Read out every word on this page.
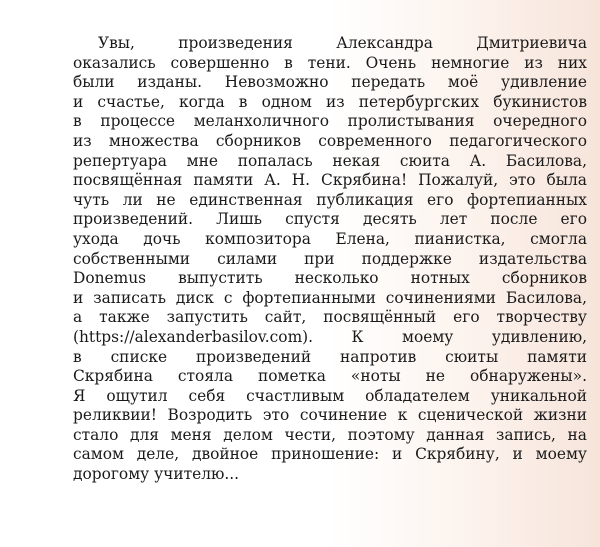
Увы, произведения Александра Дмитриевича
оказались совершенно в тени. Очень немногие из них
были изданы. Невозможно передать моё удивление
и счастье, когда в одном из петербургских букинистов
в процессе меланхоличного пролистывания очередного
из множества сборников современного педагогического
репертуара мне попалась некая сюита А. Басилова,
посвящённая памяти А. Н. Скрябина! Пожалуй, это была
чуть ли не единственная публикация его фортепианных
произведений. Лишь спустя десять лет после его
ухода дочь композитора Елена, пианистка, смогла
собственными силами при поддержке издательства
Donemus выпустить несколько нотных сборников
и записать диск с фортепианными сочинениями Басилова,
а также запустить сайт, посвящённый его творчеству
(https://alexanderbasilov.com). К моему удивлению,
в списке произведений напротив сюиты памяти
Скрябина стояла пометка «ноты не обнаружены».
Я ощутил себя счастливым обладателем уникальной
реликвии! Возродить это сочинение к сценической жизни
стало для меня делом чести, поэтому данная запись, на
самом деле, двойное приношение: и Скрябину, и моему
дорогому учителю...
